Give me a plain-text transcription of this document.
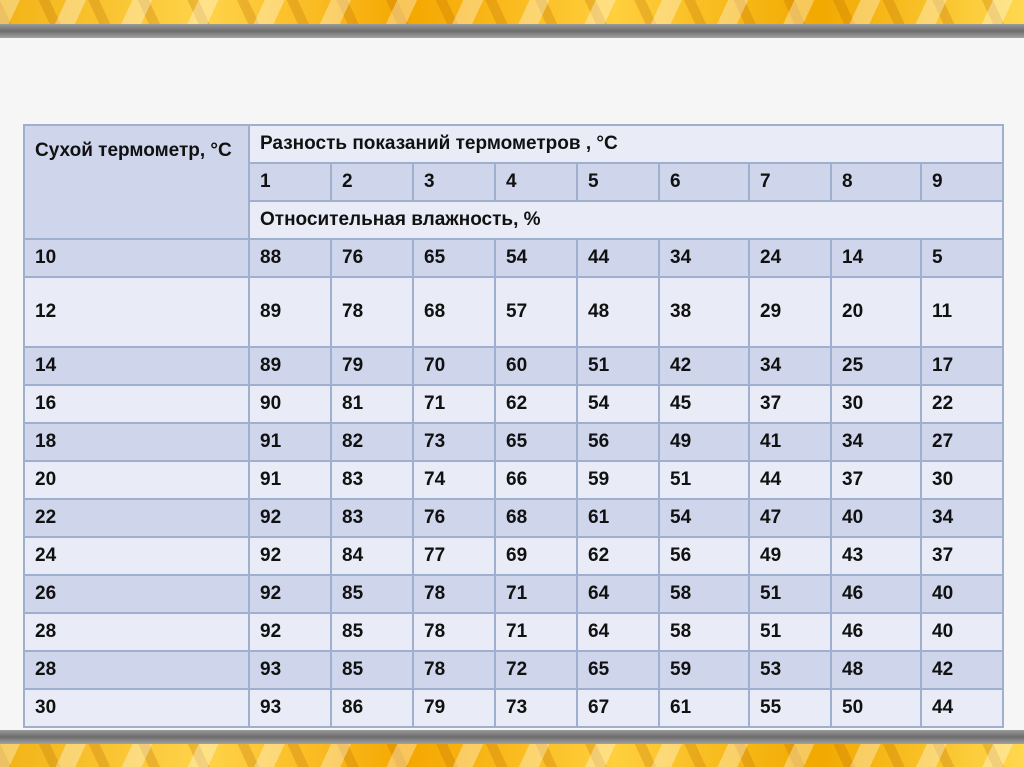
Сухой термометр, °С	Разность показаний термометров , °С								
	1	2	3	4	5	6	7	8	9
	Относительная влажность, %								
10	88	76	65	54	44	34	24	14	5
12	89	78	68	57	48	38	29	20	11
14	89	79	70	60	51	42	34	25	17
16	90	81	71	62	54	45	37	30	22
18	91	82	73	65	56	49	41	34	27
20	91	83	74	66	59	51	44	37	30
22	92	83	76	68	61	54	47	40	34
24	92	84	77	69	62	56	49	43	37
26	92	85	78	71	64	58	51	46	40
28	92	85	78	71	64	58	51	46	40
28	93	85	78	72	65	59	53	48	42
30	93	86	79	73	67	61	55	50	44
